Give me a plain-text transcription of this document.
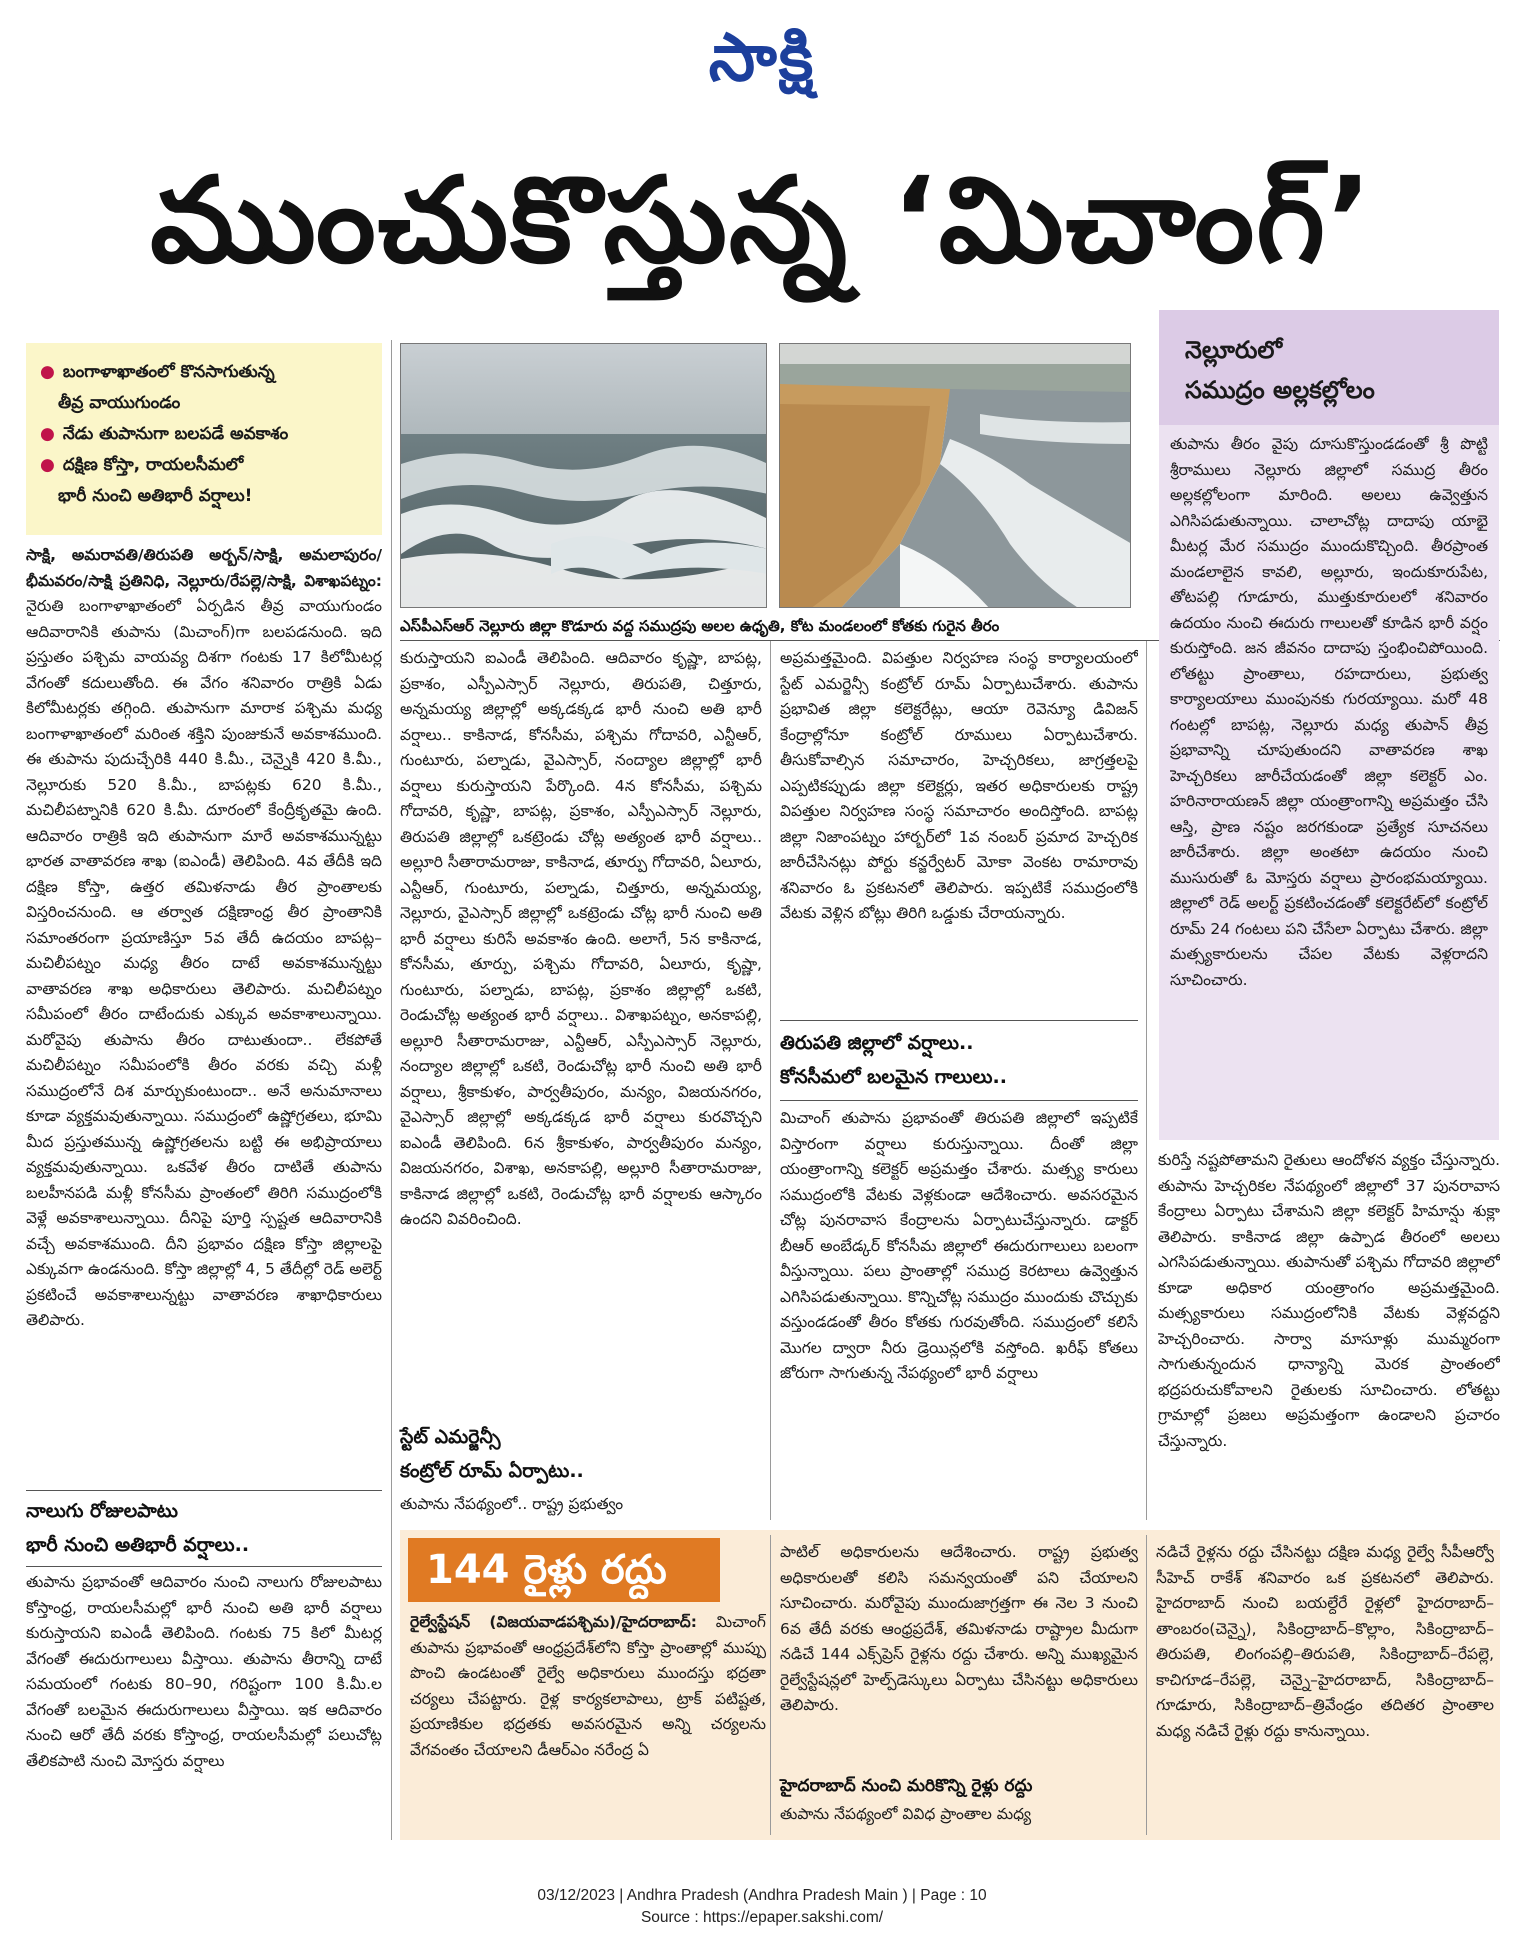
సాక్షి
ముంచుకొస్తున్న ‘మిచాంగ్’
● బంగాళాఖాతంలో కొనసాగుతున్న
తీవ్ర వాయుగుండం
● నేడు తుపానుగా బలపడే అవకాశం
● దక్షిణ కోస్తా, రాయలసీమలో
భారీ నుంచి అతిభారీ వర్షాలు!
ఎస్‌పీఎస్‌ఆర్‌ నెల్లూరు జిల్లా కొడూరు వద్ద సముద్రపు అలల ఉధృతి, కోట మండలంలో కోతకు గురైన తీరం

సాక్షి, అమరావతి/తిరుపతి అర్బన్‌/సాక్షి, అమలాపురం/భీమవరం/సాక్షి ప్రతినిధి, నెల్లూరు/రేపల్లె/సాక్షి, విశాఖపట్నం: నైరుతి బంగాళాఖాతంలో ఏర్పడిన తీవ్ర వాయుగుండం ఆదివారానికి తుపాను (మిచాంగ్‌)గా బలపడనుంది. ఇది ప్రస్తుతం పశ్చిమ వాయవ్య దిశగా గంటకు 17 కిలోమీటర్ల వేగంతో కదులుతోంది. ఈ వేగం శనివారం రాత్రికి ఏడు కిలోమీటర్లకు తగ్గింది. తుపానుగా మారాక పశ్చిమ మధ్య బంగాళాఖాతంలో మరింత శక్తిని పుంజుకునే అవకాశముంది. ఈ తుపాను పుదుచ్చేరికి 440 కి.మీ., చెన్నైకి 420 కి.మీ., నెల్లూరుకు 520 కి.మీ., బాపట్లకు 620 కి.మీ., మచిలీపట్నానికి 620 కి.మీ. దూరంలో కేంద్రీకృతమై ఉంది. ఆదివారం రాత్రికి ఇది తుపానుగా మారే అవకాశమున్నట్టు భారత వాతావరణ శాఖ (ఐఎండీ) తెలిపింది. 4వ తేదీకి ఇది దక్షిణ కోస్తా, ఉత్తర తమిళనాడు తీర ప్రాంతాలకు విస్తరించనుంది. ఆ తర్వాత దక్షిణాంధ్ర తీర ప్రాంతానికి సమాంతరంగా ప్రయాణిస్తూ 5వ తేదీ ఉదయం బాపట్ల–మచిలీపట్నం మధ్య తీరం దాటే అవకాశమున్నట్టు వాతావరణ శాఖ అధికారులు తెలిపారు. మచిలీపట్నం సమీపంలో తీరం దాటేందుకు ఎక్కువ అవకాశాలున్నాయి. మరోవైపు తుపాను తీరం దాటుతుందా.. లేకపోతే మచిలీపట్నం సమీపంలోకి తీరం వరకు వచ్చి మళ్లీ సముద్రంలోనే దిశ మార్చుకుంటుందా.. అనే అనుమానాలు కూడా వ్యక్తమవుతున్నాయి. సముద్రంలో ఉష్ణోగ్రతలు, భూమి మీద ప్రస్తుతమున్న ఉష్ణోగ్రతలను బట్టి ఈ అభిప్రాయాలు వ్యక్తమవుతున్నాయి. ఒకవేళ తీరం దాటితే తుపాను బలహీనపడి మళ్లీ కోనసీమ ప్రాంతంలో తిరిగి సముద్రంలోకి వెళ్లే అవకాశాలున్నాయి. దీనిపై పూర్తి స్పష్టత ఆదివారానికి వచ్చే అవకాశముంది. దీని ప్రభావం దక్షిణ కోస్తా జిల్లాలపై ఎక్కువగా ఉండనుంది. కోస్తా జిల్లాల్లో 4, 5 తేదీల్లో రెడ్‌ అలెర్ట్‌ ప్రకటించే అవకాశాలున్నట్టు వాతావరణ శాఖాధికారులు తెలిపారు.

నాలుగు రోజులపాటు
భారీ నుంచి అతిభారీ వర్షాలు..

తుపాను ప్రభావంతో ఆదివారం నుంచి నాలుగు రోజులపాటు కోస్తాంధ్ర, రాయలసీమల్లో భారీ నుంచి అతి భారీ వర్షాలు కురుస్తాయని ఐఎండీ తెలిపింది. గంటకు 75 కిలో మీటర్ల వేగంతో ఈదురుగాలులు వీస్తాయి. తుపాను తీరాన్ని దాటే సమయంలో గంటకు 80–90, గరిష్టంగా 100 కి.మీ.ల వేగంతో బలమైన ఈదురుగాలులు వీస్తాయి. ఇక ఆదివారం నుంచి ఆరో తేదీ వరకు కోస్తాంధ్ర, రాయలసీమల్లో పలుచోట్ల తేలికపాటి నుంచి మోస్తరు వర్షాలు

కురుస్తాయని ఐఎండీ తెలిపింది. ఆదివారం కృష్ణా, బాపట్ల, ప్రకాశం, ఎస్పీఎస్సార్‌ నెల్లూరు, తిరుపతి, చిత్తూరు, అన్నమయ్య జిల్లాల్లో అక్కడక్కడ భారీ నుంచి అతి భారీ వర్షాలు.. కాకినాడ, కోనసీమ, పశ్చిమ గోదావరి, ఎన్టీఆర్‌, గుంటూరు, పల్నాడు, వైఎస్సార్‌, నంద్యాల జిల్లాల్లో భారీ వర్షాలు కురుస్తాయని పేర్కొంది. 4న కోనసీమ, పశ్చిమ గోదావరి, కృష్ణా, బాపట్ల, ప్రకాశం, ఎస్పీఎస్సార్‌ నెల్లూరు, తిరుపతి జిల్లాల్లో ఒకట్రెండు చోట్ల అత్యంత భారీ వర్షాలు.. అల్లూరి సీతారామరాజు, కాకినాడ, తూర్పు గోదావరి, ఏలూరు, ఎన్టీఆర్‌, గుంటూరు, పల్నాడు, చిత్తూరు, అన్నమయ్య, నెల్లూరు, వైఎస్సార్‌ జిల్లాల్లో ఒకట్రెండు చోట్ల భారీ నుంచి అతి భారీ వర్షాలు కురిసే అవకాశం ఉంది. అలాగే, 5న కాకినాడ, కోనసీమ, తూర్పు, పశ్చిమ గోదావరి, ఏలూరు, కృష్ణా, గుంటూరు, పల్నాడు, బాపట్ల, ప్రకాశం జిల్లాల్లో ఒకటి, రెండుచోట్ల అత్యంత భారీ వర్షాలు.. విశాఖపట్నం, అనకాపల్లి, అల్లూరి సీతారామరాజు, ఎన్టీఆర్‌, ఎస్పీఎస్సార్‌ నెల్లూరు, నంద్యాల జిల్లాల్లో ఒకటి, రెండుచోట్ల భారీ నుంచి అతి భారీ వర్షాలు, శ్రీకాకుళం, పార్వతీపురం, మన్యం, విజయనగరం, వైఎస్సార్‌ జిల్లాల్లో అక్కడక్కడ భారీ వర్షాలు కురవొచ్చని ఐఎండీ తెలిపింది. 6న శ్రీకాకుళం, పార్వతీపురం మన్యం, విజయనగరం, విశాఖ, అనకాపల్లి, అల్లూరి సీతారామరాజు, కాకినాడ జిల్లాల్లో ఒకటి, రెండుచోట్ల భారీ వర్షాలకు ఆస్కారం ఉందని వివరించింది.

స్టేట్‌ ఎమర్జెన్సీ
కంట్రోల్‌ రూమ్‌ ఏర్పాటు..

తుపాను నేపథ్యంలో.. రాష్ట్ర ప్రభుత్వం

అప్రమత్తమైంది. విపత్తుల నిర్వహణ సంస్థ కార్యాలయంలో స్టేట్‌ ఎమర్జెన్సీ కంట్రోల్‌ రూమ్‌ ఏర్పాటుచేశారు. తుపాను ప్రభావిత జిల్లా కలెక్టరేట్లు, ఆయా రెవెన్యూ డివిజన్‌ కేంద్రాల్లోనూ కంట్రోల్‌ రూములు ఏర్పాటుచేశారు. తీసుకోవాల్సిన సమాచారం, హెచ్చరికలు, జాగ్రత్తలపై ఎప్పటికప్పుడు జిల్లా కలెక్టర్లు, ఇతర అధికారులకు రాష్ట్ర విపత్తుల నిర్వహణ సంస్థ సమాచారం అందిస్తోంది. బాపట్ల జిల్లా నిజాంపట్నం హార్బర్‌లో 1వ నంబర్‌ ప్రమాద హెచ్చరిక జారీచేసినట్లు పోర్టు కన్జర్వేటర్‌ మోకా వెంకట రామారావు శనివారం ఓ ప్రకటనలో తెలిపారు. ఇప్పటికే సముద్రంలోకి వేటకు వెళ్లిన బోట్లు తిరిగి ఒడ్డుకు చేరాయన్నారు.

తిరుపతి జిల్లాలో వర్షాలు..
కోనసీమలో బలమైన గాలులు..

మిచాంగ్‌ తుపాను ప్రభావంతో తిరుపతి జిల్లాలో ఇప్పటికే విస్తారంగా వర్షాలు కురుస్తున్నాయి. దీంతో జిల్లా యంత్రాంగాన్ని కలెక్టర్‌ అప్రమత్తం చేశారు. మత్స్య కారులు సముద్రంలోకి వేటకు వెళ్లకుండా ఆదేశించారు. అవసరమైన చోట్ల పునరావాస కేంద్రాలను ఏర్పాటుచేస్తున్నారు. డాక్టర్‌ బీఆర్‌ అంబేడ్కర్‌ కోనసీమ జిల్లాలో ఈదురుగాలులు బలంగా వీస్తున్నాయి. పలు ప్రాంతాల్లో సముద్ర కెరటాలు ఉవ్వెత్తున ఎగిసిపడుతున్నాయి. కొన్నిచోట్ల సముద్రం ముందుకు చొచ్చుకు వస్తుండడంతో తీరం కోతకు గురవుతోంది. సముద్రంలో కలిసే మొగల ద్వారా నీరు డ్రెయిన్లలోకి వస్తోంది. ఖరీఫ్‌ కోతలు జోరుగా సాగుతున్న నేపథ్యంలో భారీ వర్షాలు

నెల్లూరులో
సముద్రం అల్లకల్లోలం

తుపాను తీరం వైపు దూసుకొస్తుండడంతో శ్రీ పొట్టి శ్రీరాములు నెల్లూరు జిల్లాలో సముద్ర తీరం అల్లకల్లోలంగా మారింది. అలలు ఉవ్వెత్తున ఎగిసిపడుతున్నాయి. చాలాచోట్ల దాదాపు యాభై మీటర్ల మేర సముద్రం ముందుకొచ్చింది. తీరప్రాంత మండలాలైన కావలి, అల్లూరు, ఇందుకూరుపేట, తోటపల్లి గూడూరు, ముత్తుకూరులలో శనివారం ఉదయం నుంచి ఈదురు గాలులతో కూడిన భారీ వర్షం కురుస్తోంది. జన జీవనం దాదాపు స్తంభించిపోయింది. లోతట్టు ప్రాంతాలు, రహదారులు, ప్రభుత్వ కార్యాలయాలు ముంపునకు గురయ్యాయి. మరో 48 గంటల్లో బాపట్ల, నెల్లూరు మధ్య తుపాన్‌ తీవ్ర ప్రభావాన్ని చూపుతుందని వాతావరణ శాఖ హెచ్చరికలు జారీచేయడంతో జిల్లా కలెక్టర్‌ ఎం. హరినారాయణన్‌ జిల్లా యంత్రాంగాన్ని అప్రమత్తం చేసి ఆస్తి, ప్రాణ నష్టం జరగకుండా ప్రత్యేక సూచనలు జారీచేశారు. జిల్లా అంతటా ఉదయం నుంచి ముసురుతో ఓ మోస్తరు వర్షాలు ప్రారంభమయ్యాయి. జిల్లాలో రెడ్‌ అలర్ట్‌ ప్రకటించడంతో కలెక్టరేట్‌లో కంట్రోల్‌ రూమ్‌ 24 గంటలు పని చేసేలా ఏర్పాటు చేశారు. జిల్లా మత్స్యకారులను చేపల వేటకు వెళ్లరాదని సూచించారు.

కురిస్తే నష్టపోతామని రైతులు ఆందోళన వ్యక్తం చేస్తున్నారు. తుపాను హెచ్చరికల నేపథ్యంలో జిల్లాలో 37 పునరావాస కేంద్రాలు ఏర్పాటు చేశామని జిల్లా కలెక్టర్‌ హిమాన్షు శుక్లా తెలిపారు. కాకినాడ జిల్లా ఉప్పాడ తీరంలో అలలు ఎగసిపడుతున్నాయి. తుపానుతో పశ్చిమ గోదావరి జిల్లాలో కూడా అధికార యంత్రాంగం అప్రమత్తమైంది. మత్స్యకారులు సముద్రంలోనికి వేటకు వెళ్లవద్దని హెచ్చరించారు. సార్వా మాసూళ్లు ముమ్మరంగా సాగుతున్నందున ధాన్యాన్ని మెరక ప్రాంతంలో భద్రపరుచుకోవాలని రైతులకు సూచించారు. లోతట్టు గ్రామాల్లో ప్రజలు అప్రమత్తంగా ఉండాలని ప్రచారం చేస్తున్నారు.

144 రైళ్లు రద్దు

రైల్వేస్టేషన్‌ (విజయవాడపశ్చిమ)/హైదరాబాద్‌: మిచాంగ్‌ తుపాను ప్రభావంతో ఆంధ్రప్రదేశ్‌లోని కోస్తా ప్రాంతాల్లో ముప్పు పొంచి ఉండటంతో రైల్వే అధికారులు ముందస్తు భద్రతా చర్యలు చేపట్టారు. రైళ్ల కార్యకలాపాలు, ట్రాక్‌ పటిష్టత, ప్రయాణికుల భద్రతకు అవసరమైన అన్ని చర్యలను వేగవంతం చేయాలని డీఆర్‌ఎం నరేంద్ర ఏ

పాటిల్‌ అధికారులను ఆదేశించారు. రాష్ట్ర ప్రభుత్వ అధికారులతో కలిసి సమన్వయంతో పని చేయాలని సూచించారు. మరోవైపు ముందుజాగ్రత్తగా ఈ నెల 3 నుంచి 6వ తేదీ వరకు ఆంధ్రప్రదేశ్‌, తమిళనాడు రాష్ట్రాల మీదుగా నడిచే 144 ఎక్స్‌ప్రెస్‌ రైళ్లను రద్దు చేశారు. అన్ని ముఖ్యమైన రైల్వేస్టేషన్లలో హెల్ప్‌డెస్కులు ఏర్పాటు చేసినట్టు అధికారులు తెలిపారు.

హైదరాబాద్‌ నుంచి మరికొన్ని రైళ్లు రద్దు

తుపాను నేపథ్యంలో వివిధ ప్రాంతాల మధ్య

నడిచే రైళ్లను రద్దు చేసినట్టు దక్షిణ మధ్య రైల్వే సీపీఆర్వో సీహెచ్‌ రాకేశ్‌ శనివారం ఒక ప్రకటనలో తెలిపారు. హైదరాబాద్‌ నుంచి బయల్దేరే రైళ్లలో హైదరాబాద్‌–తాంబరం(చెన్నై), సికింద్రాబాద్‌–కొల్లాం, సికింద్రాబాద్‌–తిరుపతి, లింగంపల్లి–తిరుపతి, సికింద్రాబాద్‌–రేపల్లె, కాచిగూడ–రేపల్లె, చెన్నై–హైదరాబాద్‌, సికింద్రాబాద్‌–గూడూరు, సికింద్రాబాద్‌–త్రివేండ్రం తదితర ప్రాంతాల మధ్య నడిచే రైళ్లు రద్దు కానున్నాయి.

03/12/2023 | Andhra Pradesh (Andhra Pradesh Main ) | Page : 10
Source : https://epaper.sakshi.com/
